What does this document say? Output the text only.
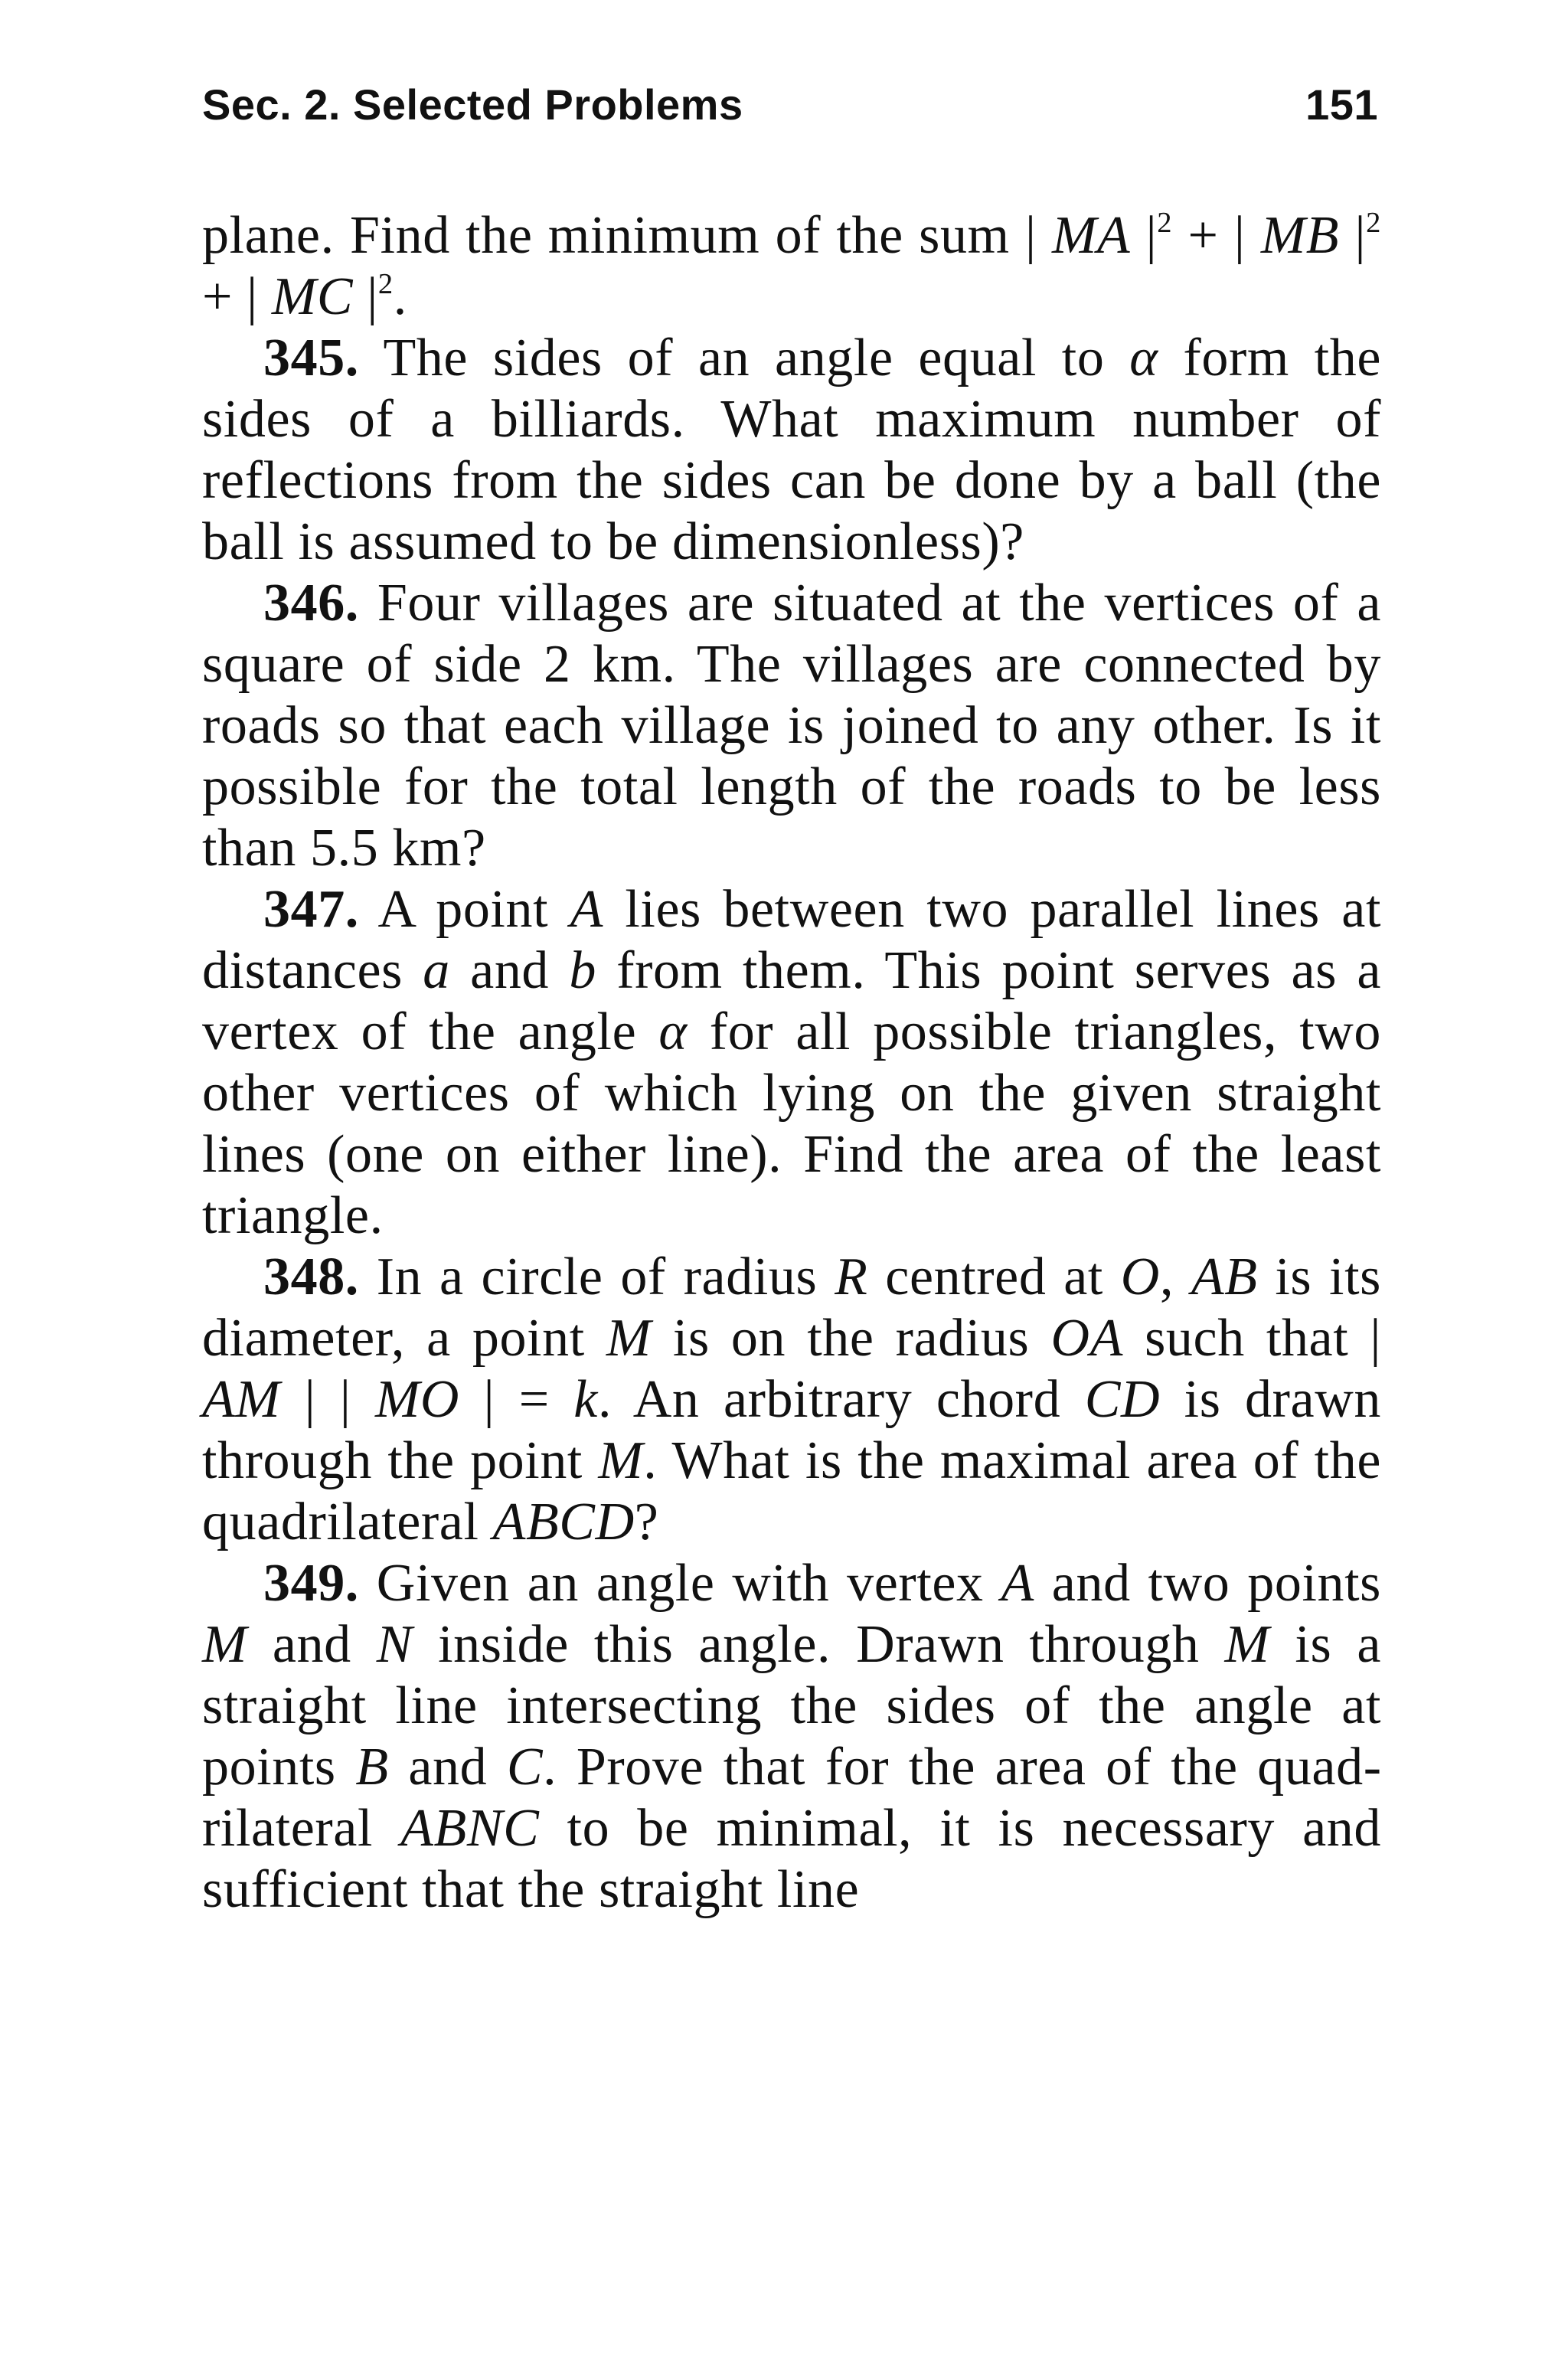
Sec. 2. Selected Problems	151

plane. Find the minimum of the sum | MA $|^2$ + | MB $|^2$ + | MC $|^2$.

345. The sides of an angle equal to α form the sides of a billiards. What maximum number of reflections from the sides can be done by a ball (the ball is assumed to be dimensionless)?

346. Four villages are situated at the vertices of a square of side 2 km. The villages are connected by roads so that each village is joined to any other. Is it possible for the total length of the roads to be less than 5.5 km?

347. A point A lies between two parallel lines at distances a and b from them. This point serves as a vertex of the angle α for all possible triangles, two other vertices of which lying on the given straight lines (one on either line). Find the area of the least triangle.

348. In a circle of radius R centred at O, AB is its diameter, a point M is on the radius OA such that | AM | | MO | = k. An arbitrary chord CD is drawn through the point M. What is the maximal area of the quadrilateral ABCD?

349. Given an angle with vertex A and two points M and N inside this angle. Drawn through M is a straight line intersecting the sides of the angle at points B and C. Prove that for the area of the quadrilateral ABNC to be minimal, it is necessary and sufficient that the straight line
